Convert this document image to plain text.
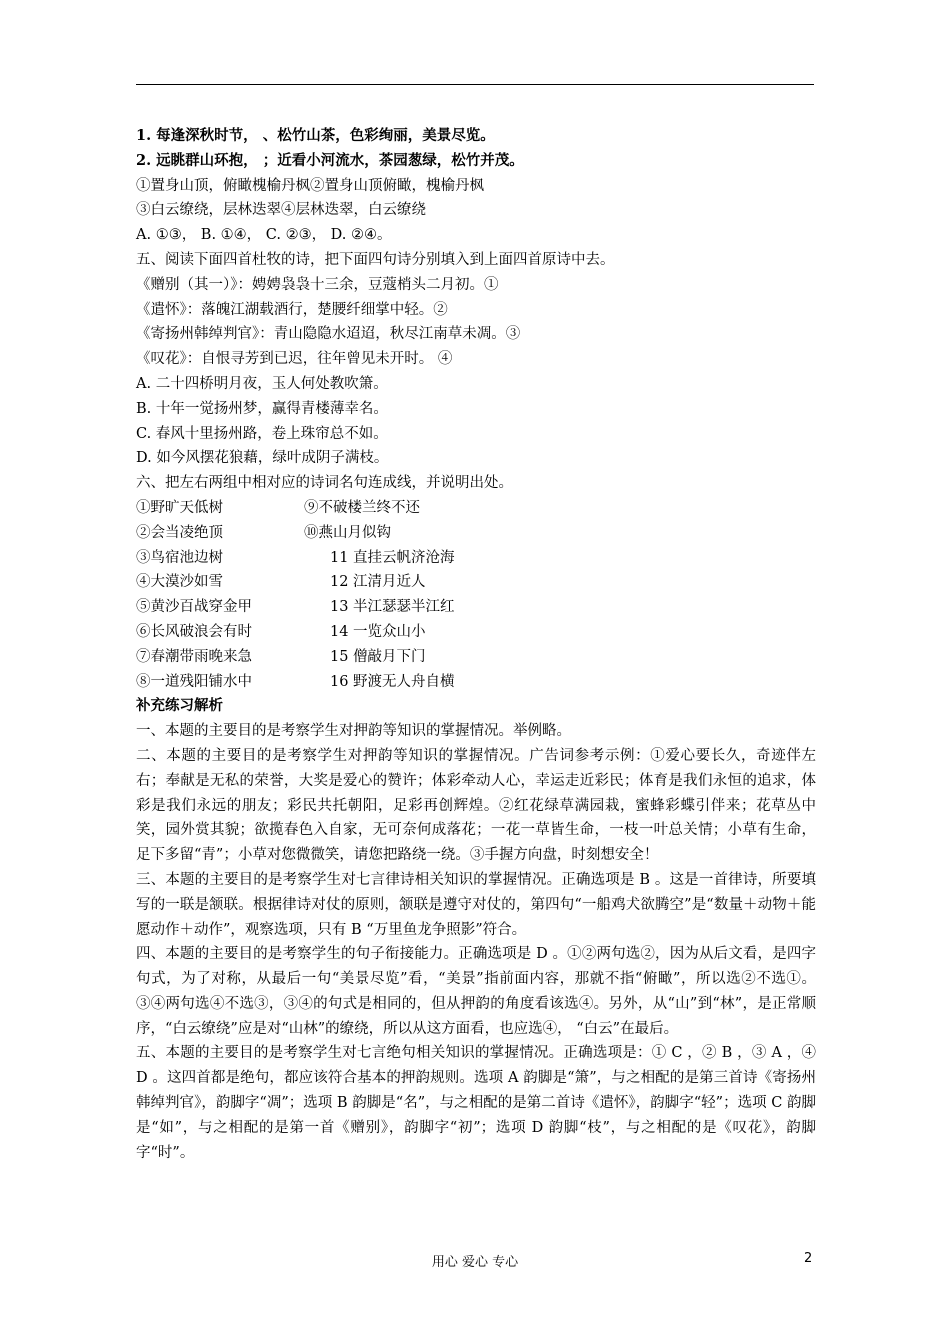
1. 每逢深秋时节， 、松竹山茶，色彩绚丽，美景尽览。
2. 远眺群山环抱， ；近看小河流水，茶园葱绿，松竹并茂。
①置身山顶，俯瞰槐榆丹枫②置身山顶俯瞰，槐榆丹枫
③白云缭绕，层林迭翠④层林迭翠，白云缭绕
A. ①③， B. ①④， C. ②③， D. ②④。
五、阅读下面四首杜牧的诗，把下面四句诗分别填入到上面四首原诗中去。
《赠别（其一）》：娉娉袅袅十三余，豆蔻梢头二月初。①
《遣怀》：落魄江湖载酒行，楚腰纤细掌中轻。②
《寄扬州韩绰判官》：青山隐隐水迢迢，秋尽江南草未凋。③
《叹花》：自恨寻芳到已迟，往年曾见未开时。 ④
A. 二十四桥明月夜，玉人何处教吹箫。
B. 十年一觉扬州梦，赢得青楼薄幸名。
C. 春风十里扬州路，卷上珠帘总不如。
D. 如今风摆花狼藉，绿叶成阴子满枝。
六、把左右两组中相对应的诗词名句连成线，并说明出处。
①野旷天低树	⑨不破楼兰终不还
②会当凌绝顶	⑩燕山月似钩
③鸟宿池边树	11 直挂云帆济沧海
④大漠沙如雪	12 江清月近人
⑤黄沙百战穿金甲	13 半江瑟瑟半江红
⑥长风破浪会有时	14 一览众山小
⑦春潮带雨晚来急	15 僧敲月下门
⑧一道残阳铺水中	16 野渡无人舟自横
补充练习解析
一、本题的主要目的是考察学生对押韵等知识的掌握情况。举例略。
二、本题的主要目的是考察学生对押韵等知识的掌握情况。广告词参考示例：①爱心要长久，奇迹伴左右；奉献是无私的荣誉，大奖是爱心的赞许；体彩牵动人心，幸运走近彩民；体育是我们永恒的追求，体彩是我们永远的朋友；彩民共托朝阳，足彩再创辉煌。②红花绿草满园栽，蜜蜂彩蝶引伴来；花草丛中笑，园外赏其貌；欲揽春色入自家，无可奈何成落花；一花一草皆生命，一枝一叶总关情；小草有生命，足下多留“青”；小草对您微微笑，请您把路绕一绕。③手握方向盘，时刻想安全！
三、本题的主要目的是考察学生对七言律诗相关知识的掌握情况。正确选项是 B 。这是一首律诗，所要填写的一联是颔联。根据律诗对仗的原则，颔联是遵守对仗的，第四句“一船鸡犬欲腾空”是“数量＋动物＋能愿动作＋动作”，观察选项，只有 B “万里鱼龙争照影”符合。
四、本题的主要目的是考察学生的句子衔接能力。正确选项是 D 。①②两句选②，因为从后文看，是四字句式，为了对称，从最后一句“美景尽览”看，“美景”指前面内容，那就不指“俯瞰”，所以选②不选①。③④两句选④不选③，③④的句式是相同的，但从押韵的角度看该选④。另外，从“山”到“林”，是正常顺序，“白云缭绕”应是对“山林”的缭绕，所以从这方面看，也应选④， “白云”在最后。
五、本题的主要目的是考察学生对七言绝句相关知识的掌握情况。正确选项是：① C ，② B ，③ A ，④ D 。这四首都是绝句，都应该符合基本的押韵规则。选项 A 韵脚是“箫”，与之相配的是第三首诗《寄扬州韩绰判官》，韵脚字“凋”；选项 B 韵脚是“名”，与之相配的是第二首诗《遣怀》，韵脚字“轻”；选项 C 韵脚是“如”，与之相配的是第一首《赠别》，韵脚字“初”；选项 D 韵脚“枝”，与之相配的是《叹花》，韵脚字“时”。
用心 爱心 专心	2
